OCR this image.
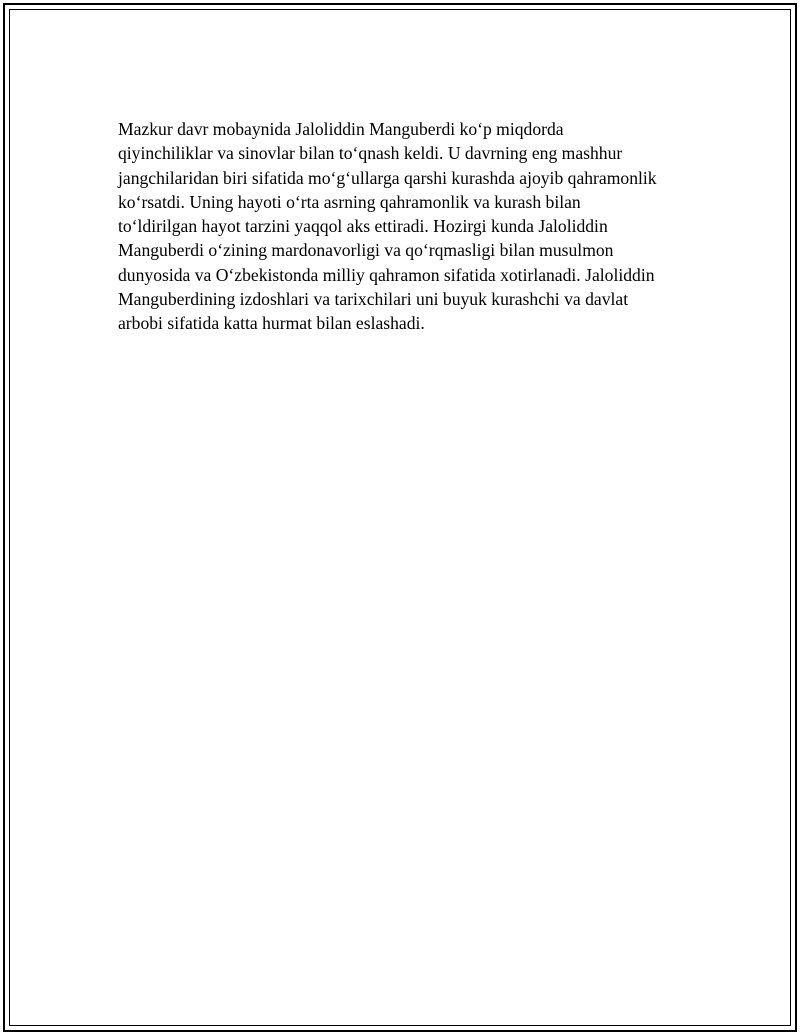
Mazkur davr mobaynida Jaloliddin Manguberdi ko‘p miqdorda
qiyinchiliklar va sinovlar bilan to‘qnash keldi. U davrning eng mashhur
jangchilaridan biri sifatida mo‘g‘ullarga qarshi kurashda ajoyib qahramonlik
ko‘rsatdi. Uning hayoti o‘rta asrning qahramonlik va kurash bilan
to‘ldirilgan hayot tarzini yaqqol aks ettiradi. Hozirgi kunda Jaloliddin
Manguberdi o‘zining mardonavorligi va qo‘rqmasligi bilan musulmon
dunyosida va O‘zbekistonda milliy qahramon sifatida xotirlanadi. Jaloliddin
Manguberdining izdoshlari va tarixchilari uni buyuk kurashchi va davlat
arbobi sifatida katta hurmat bilan eslashadi.
